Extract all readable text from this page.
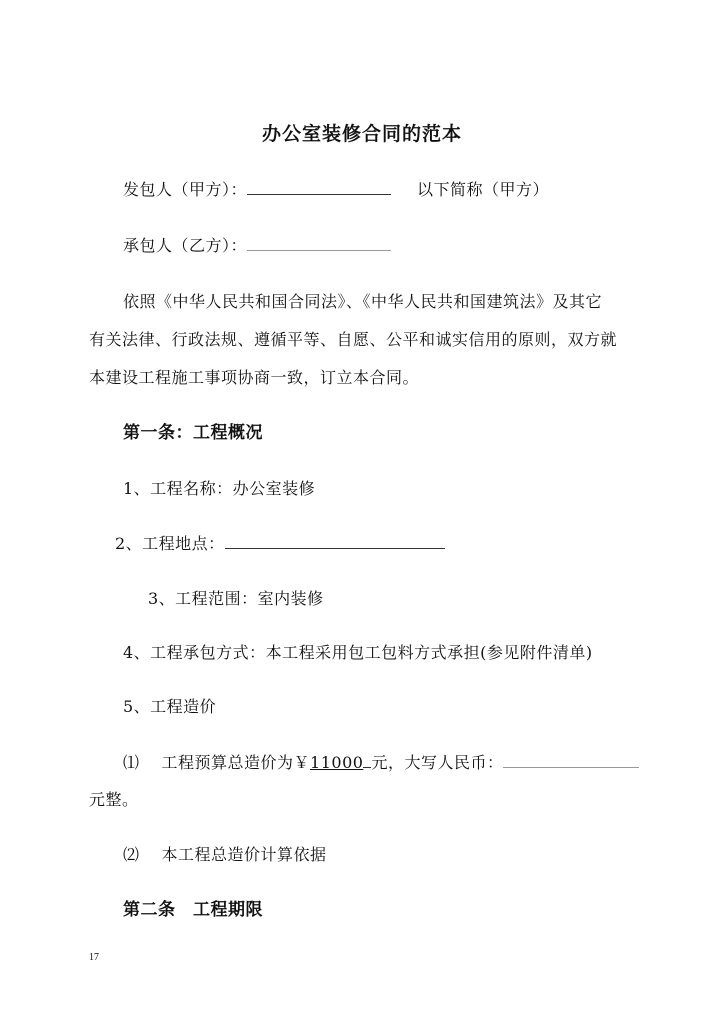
办公室装修合同的范本
发包人（甲方）：	以下简称（甲方）
承包人（乙方）：
依照《中华人民共和国合同法》、《中华人民共和国建筑法》及其它
有关法律、行政法规、遵循平等、自愿、公平和诚实信用的原则，双方就
本建设工程施工事项协商一致，订立本合同。
第一条：工程概况
1、工程名称：办公室装修
2、工程地点：
3、工程范围：室内装修
4、工程承包方式：本工程采用包工包料方式承担(参见附件清单)
5、工程造价
⑴ 工程预算总造价为￥11000 元，大写人民币：
元整。
⑵ 本工程总造价计算依据
第二条　工程期限
17
